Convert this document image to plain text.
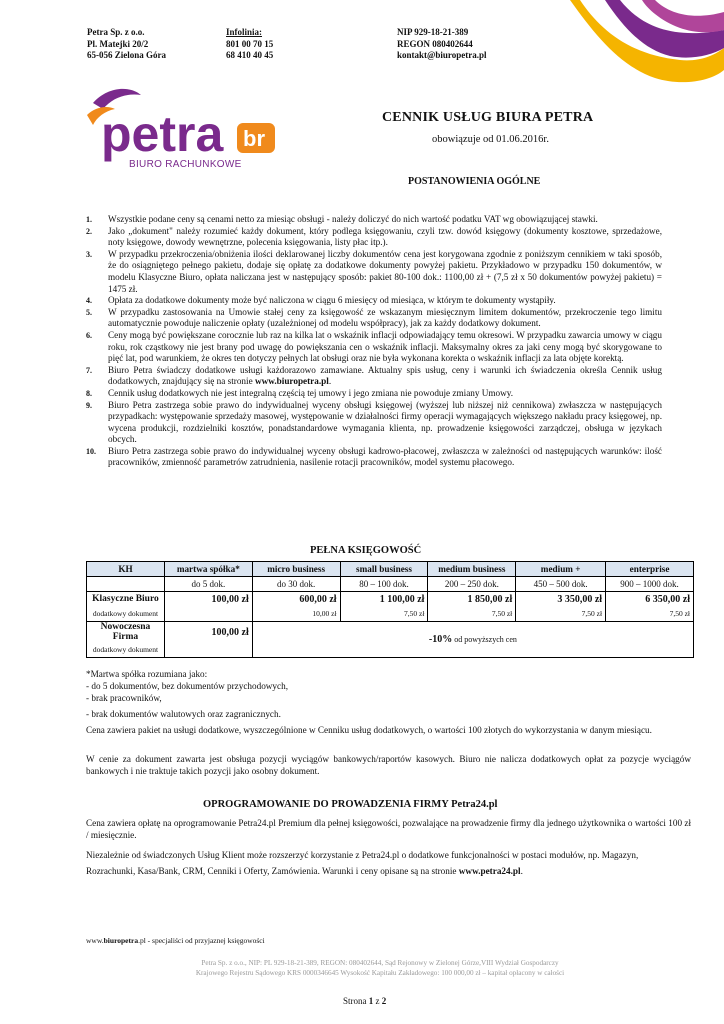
Petra Sp. z o.o.
Pl. Matejki 20/2
65-056 Zielona Góra
Infolinia:
801 00 70 15
68 410 40 45
NIP 929-18-21-389
REGON 080402644
kontakt@biuropetra.pl
petra br
BIURO RACHUNKOWE
CENNIK USŁUG BIURA PETRA
obowiązuje od 01.06.2016r.
POSTANOWIENIA OGÓLNE
1. Wszystkie podane ceny są cenami netto za miesiąc obsługi - należy doliczyć do nich wartość podatku VAT wg obowiązującej stawki.
2. Jako „dokument" należy rozumieć każdy dokument, który podlega księgowaniu, czyli tzw. dowód księgowy (dokumenty kosztowe, sprzedażowe, noty księgowe, dowody wewnętrzne, polecenia księgowania, listy płac itp.).
3. W przypadku przekroczenia/obniżenia ilości deklarowanej liczby dokumentów cena jest korygowana zgodnie z poniższym cennikiem w taki sposób, że do osiągniętego pełnego pakietu, dodaje się opłatę za dodatkowe dokumenty powyżej pakietu. Przykładowo w przypadku 150 dokumentów, w modelu Klasyczne Biuro, opłata naliczana jest w następujący sposób: pakiet 80-100 dok.: 1100,00 zł + (7,5 zł x 50 dokumentów powyżej pakietu) = 1475 zł.
4. Opłata za dodatkowe dokumenty może być naliczona w ciągu 6 miesięcy od miesiąca, w którym te dokumenty wystąpiły.
5. W przypadku zastosowania na Umowie stałej ceny za księgowość ze wskazanym miesięcznym limitem dokumentów, przekroczenie tego limitu automatycznie powoduje naliczenie opłaty (uzależnionej od modelu współpracy), jak za każdy dodatkowy dokument.
6. Ceny mogą być powiększane corocznie lub raz na kilka lat o wskaźnik inflacji odpowiadający temu okresowi. W przypadku zawarcia umowy w ciągu roku, rok cząstkowy nie jest brany pod uwagę do powiększania cen o wskaźnik inflacji. Maksymalny okres za jaki ceny mogą być skorygowane to pięć lat, pod warunkiem, że okres ten dotyczy pełnych lat obsługi oraz nie była wykonana korekta o wskaźnik inflacji za lata objęte korektą.
7. Biuro Petra świadczy dodatkowe usługi każdorazowo zamawiane. Aktualny spis usług, ceny i warunki ich świadczenia określa Cennik usług dodatkowych, znajdujący się na stronie www.biuropetra.pl.
8. Cennik usług dodatkowych nie jest integralną częścią tej umowy i jego zmiana nie powoduje zmiany Umowy.
9. Biuro Petra zastrzega sobie prawo do indywidualnej wyceny obsługi księgowej (wyższej lub niższej niż cennikowa) zwłaszcza w następujących przypadkach: występowanie sprzedaży masowej, występowanie w działalności firmy operacji wymagających większego nakładu pracy księgowej, np. wycena produkcji, rozdzielniki kosztów, ponadstandardowe wymagania klienta, np. prowadzenie księgowości zarządczej, obsługa w językach obcych.
10. Biuro Petra zastrzega sobie prawo do indywidualnej wyceny obsługi kadrowo-płacowej, zwłaszcza w zależności od następujących warunków: ilość pracowników, zmienność parametrów zatrudnienia, nasilenie rotacji pracowników, model systemu płacowego.
PEŁNA KSIĘGOWOŚĆ
KH	martwa spółka*	micro business	small business	medium business	medium +	enterprise
	do 5 dok.	do 30 dok.	80 – 100 dok.	200 – 250 dok.	450 – 500 dok.	900 – 1000 dok.
Klasyczne Biuro	100,00 zł	600,00 zł	1 100,00 zł	1 850,00 zł	3 350,00 zł	6 350,00 zł
dodatkowy dokument		10,00 zł	7,50 zł	7,50 zł	7,50 zł	7,50 zł
Nowoczesna Firma	100,00 zł	-10% od powyższych cen				
dodatkowy dokument						
*Martwa spółka rozumiana jako:
- do 5 dokumentów, bez dokumentów przychodowych,
- brak pracowników,
- brak dokumentów walutowych oraz zagranicznych.
Cena zawiera pakiet na usługi dodatkowe, wyszczególnione w Cenniku usług dodatkowych, o wartości 100 złotych do wykorzystania w danym miesiącu.
W cenie za dokument zawarta jest obsługa pozycji wyciągów bankowych/raportów kasowych. Biuro nie nalicza dodatkowych opłat za pozycje wyciągów bankowych i nie traktuje takich pozycji jako osobny dokument.
OPROGRAMOWANIE DO PROWADZENIA FIRMY Petra24.pl
Cena zawiera opłatę na oprogramowanie Petra24.pl Premium dla pełnej księgowości, pozwalające na prowadzenie firmy dla jednego użytkownika o wartości 100 zł / miesięcznie.
Niezależnie od świadczonych Usług Klient może rozszerzyć korzystanie z Petra24.pl o dodatkowe funkcjonalności w postaci modułów, np. Magazyn, Rozrachunki, Kasa/Bank, CRM, Cenniki i Oferty, Zamówienia. Warunki i ceny opisane są na stronie www.petra24.pl.
www.biuropetra.pl - specjaliści od przyjaznej księgowości
Petra Sp. z o.o., NIP: PL 929-18-21-389, REGON: 080402644, Sąd Rejonowy w Zielonej Górze,VIII Wydział Gospodarczy
Krajowego Rejestru Sądowego KRS 0000346645 Wysokość Kapitału Zakładowego: 100 000,00 zł – kapitał opłacony w całości
Strona 1 z 2
